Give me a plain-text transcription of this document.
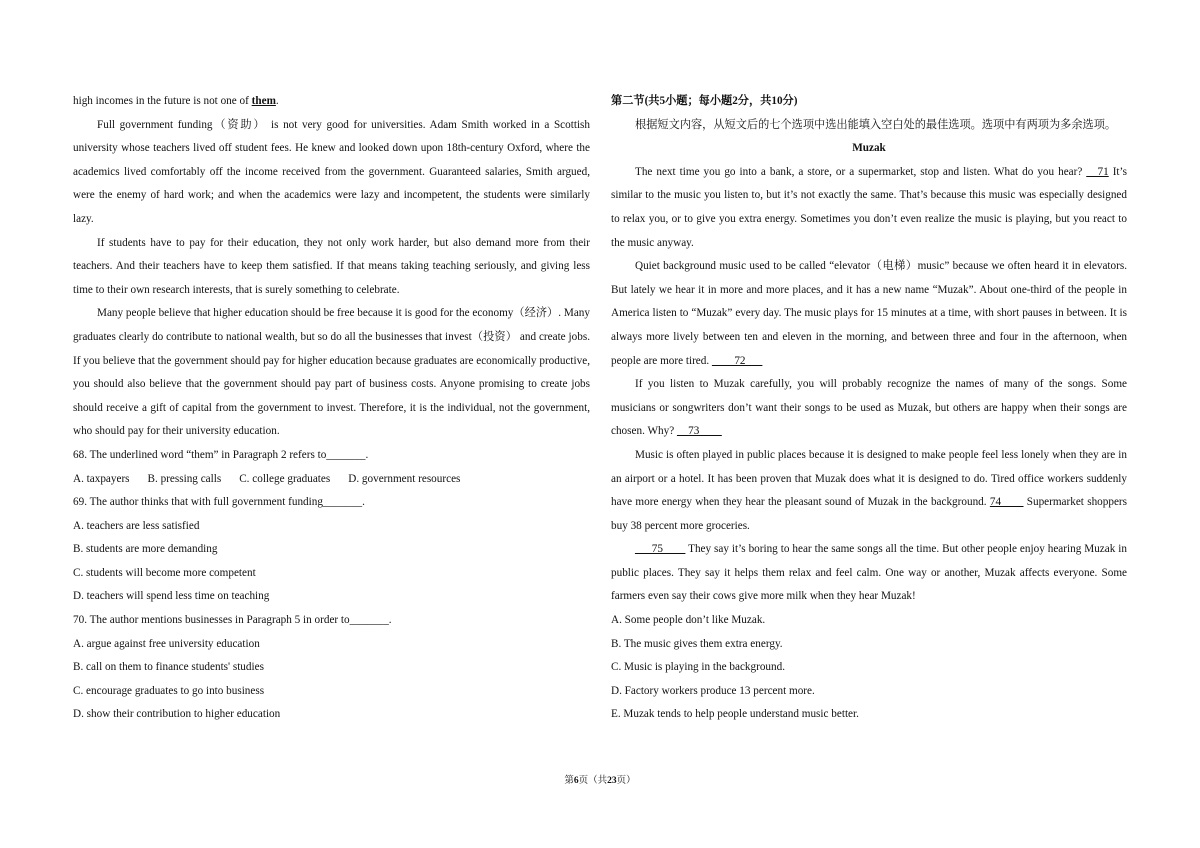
high incomes in the future is not one of them.

Full government funding（资助） is not very good for universities. Adam Smith worked in a Scottish university whose teachers lived off student fees. He knew and looked down upon 18th-century Oxford, where the academics lived comfortably off the income received from the government. Guaranteed salaries, Smith argued, were the enemy of hard work; and when the academics were lazy and incompetent, the students were similarly lazy.

If students have to pay for their education, they not only work harder, but also demand more from their teachers. And their teachers have to keep them satisfied. If that means taking teaching seriously, and giving less time to their own research interests, that is surely something to celebrate.

Many people believe that higher education should be free because it is good for the economy（经济）. Many graduates clearly do contribute to national wealth, but so do all the businesses that invest（投资） and create jobs. If you believe that the government should pay for higher education because graduates are economically productive, you should also believe that the government should pay part of business costs. Anyone promising to create jobs should receive a gift of capital from the government to invest. Therefore, it is the individual, not the government, who should pay for their university education.

68. The underlined word “them” in Paragraph 2 refers to_______.

A. taxpayers B. pressing calls C. college graduates D. government resources

69. The author thinks that with full government funding_______.

A. teachers are less satisfied

B. students are more demanding

C. students will become more competent

D. teachers will spend less time on teaching

70. The author mentions businesses in Paragraph 5 in order to_______.

A. argue against free university education

B. call on them to finance students' studies

C. encourage graduates to go into business

D. show their contribution to higher education

第二节(共5小题；每小题2分，共10分)

根据短文内容，从短文后的七个选项中选出能填入空白处的最佳选项。选项中有两项为多余选项。

Muzak

The next time you go into a bank, a store, or a supermarket, stop and listen. What do you hear? __71 It’s similar to the music you listen to, but it’s not exactly the same. That’s because this music was especially designed to relax you, or to give you extra energy. Sometimes you don’t even realize the music is playing, but you react to the music anyway.

Quiet background music used to be called “elevator（电梯）music” because we often heard it in elevators. But lately we hear it in more and more places, and it has a new name “Muzak”. About one-third of the people in America listen to “Muzak” every day. The music plays for 15 minutes at a time, with short pauses in between. It is always more lively between ten and eleven in the morning, and between three and four in the afternoon, when people are more tired. ____72___

If you listen to Muzak carefully, you will probably recognize the names of many of the songs. Some musicians or songwriters don’t want their songs to be used as Muzak, but others are happy when their songs are chosen. Why? __73____

Music is often played in public places because it is designed to make people feel less lonely when they are in an airport or a hotel. It has been proven that Muzak does what it is designed to do. Tired office workers suddenly have more energy when they hear the pleasant sound of Muzak in the background. 74____ Supermarket shoppers buy 38 percent more groceries.

___75____ They say it’s boring to hear the same songs all the time. But other people enjoy hearing Muzak in public places. They say it helps them relax and feel calm. One way or another, Muzak affects everyone. Some farmers even say their cows give more milk when they hear Muzak!

A. Some people don’t like Muzak.

B. The music gives them extra energy.

C. Music is playing in the background.

D. Factory workers produce 13 percent more.

E. Muzak tends to help people understand music better.

第6页（共23页）
